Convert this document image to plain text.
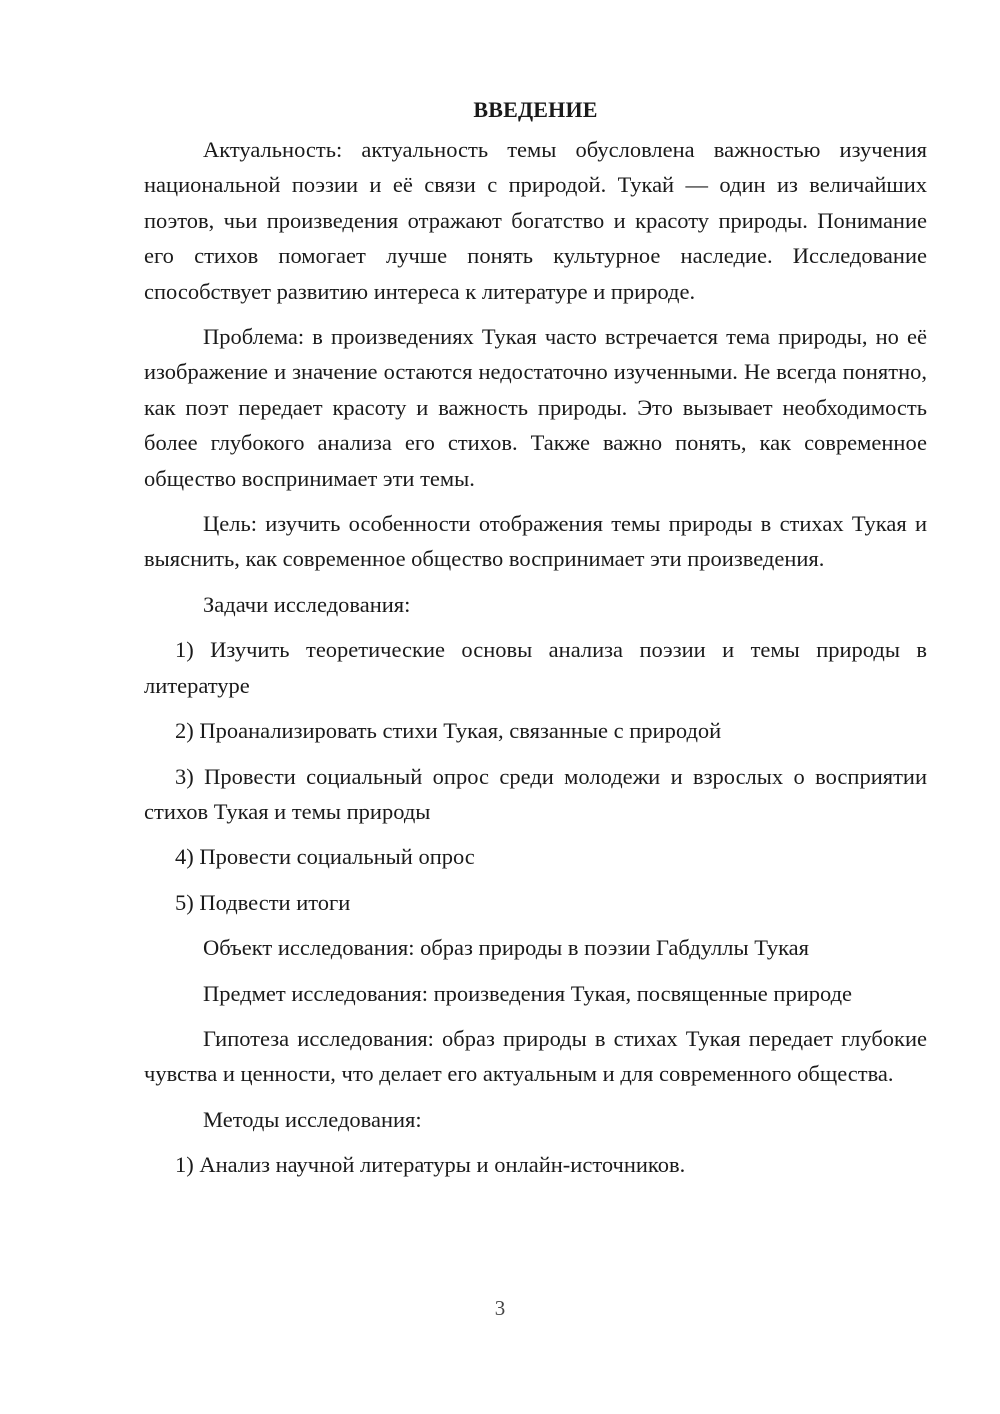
ВВЕДЕНИЕ

Актуальность: актуальность темы обусловлена важностью изучения национальной поэзии и её связи с природой. Тукай — один из величайших поэтов, чьи произведения отражают богатство и красоту природы. Понимание его стихов помогает лучше понять культурное наследие. Исследование способствует развитию интереса к литературе и природе.

Проблема: в произведениях Тукая часто встречается тема природы, но её изображение и значение остаются недостаточно изученными. Не всегда понятно, как поэт передает красоту и важность природы. Это вызывает необходимость более глубокого анализа его стихов. Также важно понять, как современное общество воспринимает эти темы.

Цель: изучить особенности отображения темы природы в стихах Тукая и выяснить, как современное общество воспринимает эти произведения.

Задачи исследования:

1) Изучить теоретические основы анализа поэзии и темы природы в литературе

2) Проанализировать стихи Тукая, связанные с природой

3) Провести социальный опрос среди молодежи и взрослых о восприятии стихов Тукая и темы природы

4) Провести социальный опрос

5) Подвести итоги

Объект исследования: образ природы в поэзии Габдуллы Тукая

Предмет исследования: произведения Тукая, посвященные природе

Гипотеза исследования: образ природы в стихах Тукая передает глубокие чувства и ценности, что делает его актуальным и для современного общества.

Методы исследования:

1) Анализ научной литературы и онлайн-источников.

3
